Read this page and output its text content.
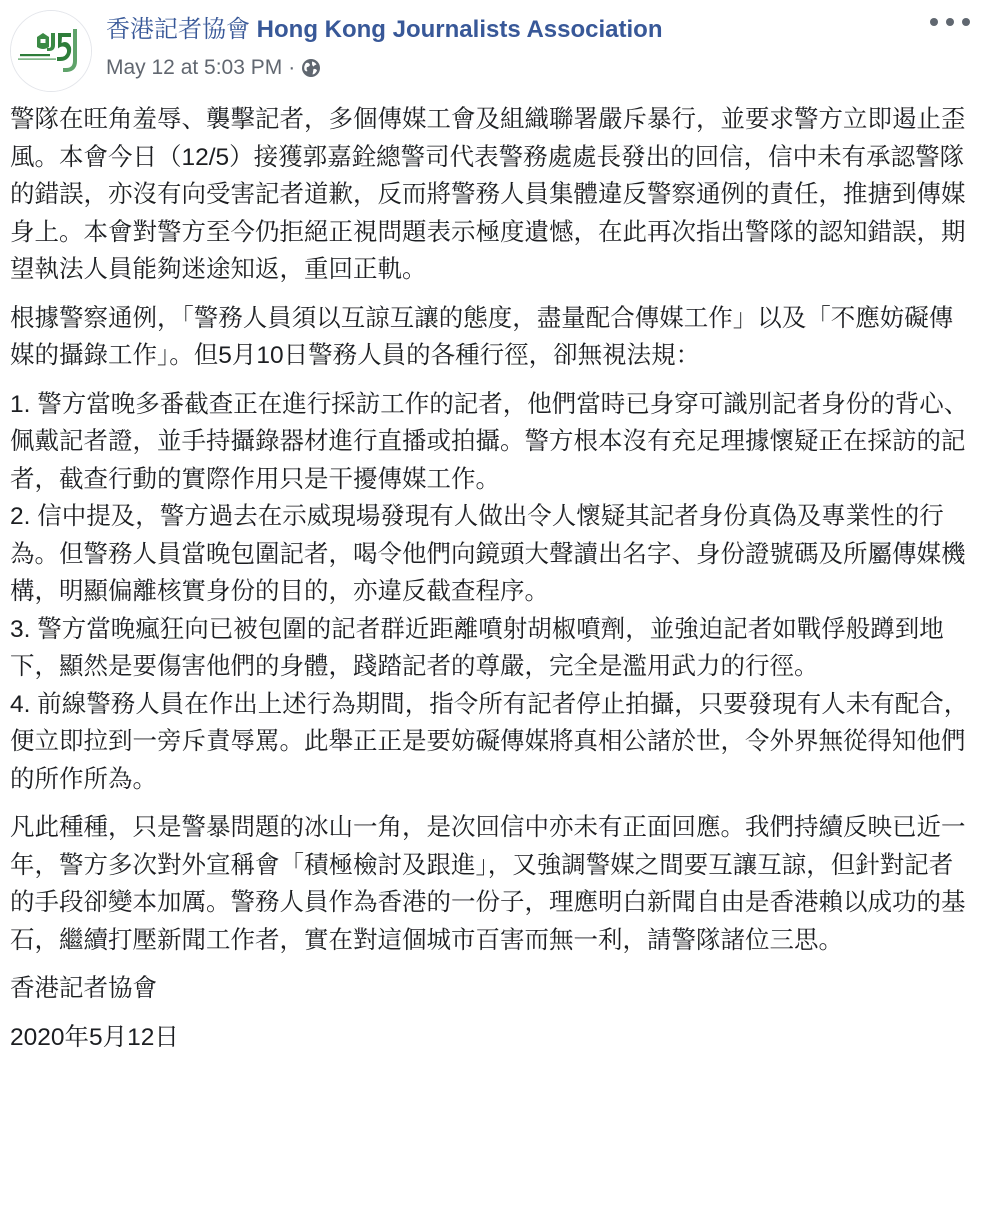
香港記者協會 Hong Kong Journalists Association
May 12 at 5:03 PM ·

警隊在旺角羞辱、襲擊記者，多個傳媒工會及組織聯署嚴斥暴行，並要求警方立即遏止歪風。本會今日（12/5）接獲郭嘉銓總警司代表警務處處長發出的回信，信中未有承認警隊的錯誤，亦沒有向受害記者道歉，反而將警務人員集體違反警察通例的責任，推搪到傳媒身上。本會對警方至今仍拒絕正視問題表示極度遺憾，在此再次指出警隊的認知錯誤，期望執法人員能夠迷途知返，重回正軌。

根據警察通例，「警務人員須以互諒互讓的態度，盡量配合傳媒工作」以及「不應妨礙傳媒的攝錄工作」。但5月10日警務人員的各種行徑，卻無視法規：

1. 警方當晚多番截查正在進行採訪工作的記者，他們當時已身穿可識別記者身份的背心、佩戴記者證，並手持攝錄器材進行直播或拍攝。警方根本沒有充足理據懷疑正在採訪的記者，截查行動的實際作用只是干擾傳媒工作。
2. 信中提及，警方過去在示威現場發現有人做出令人懷疑其記者身份真偽及專業性的行為。但警務人員當晚包圍記者，喝令他們向鏡頭大聲讀出名字、身份證號碼及所屬傳媒機構，明顯偏離核實身份的目的，亦違反截查程序。
3. 警方當晚瘋狂向已被包圍的記者群近距離噴射胡椒噴劑，並強迫記者如戰俘般蹲到地下，顯然是要傷害他們的身體，踐踏記者的尊嚴，完全是濫用武力的行徑。
4. 前線警務人員在作出上述行為期間，指令所有記者停止拍攝，只要發現有人未有配合，便立即拉到一旁斥責辱罵。此舉正正是要妨礙傳媒將真相公諸於世，令外界無從得知他們的所作所為。

凡此種種，只是警暴問題的冰山一角，是次回信中亦未有正面回應。我們持續反映已近一年，警方多次對外宣稱會「積極檢討及跟進」，又強調警媒之間要互讓互諒，但針對記者的手段卻變本加厲。警務人員作為香港的一份子，理應明白新聞自由是香港賴以成功的基石，繼續打壓新聞工作者，實在對這個城市百害而無一利，請警隊諸位三思。

香港記者協會

2020年5月12日
